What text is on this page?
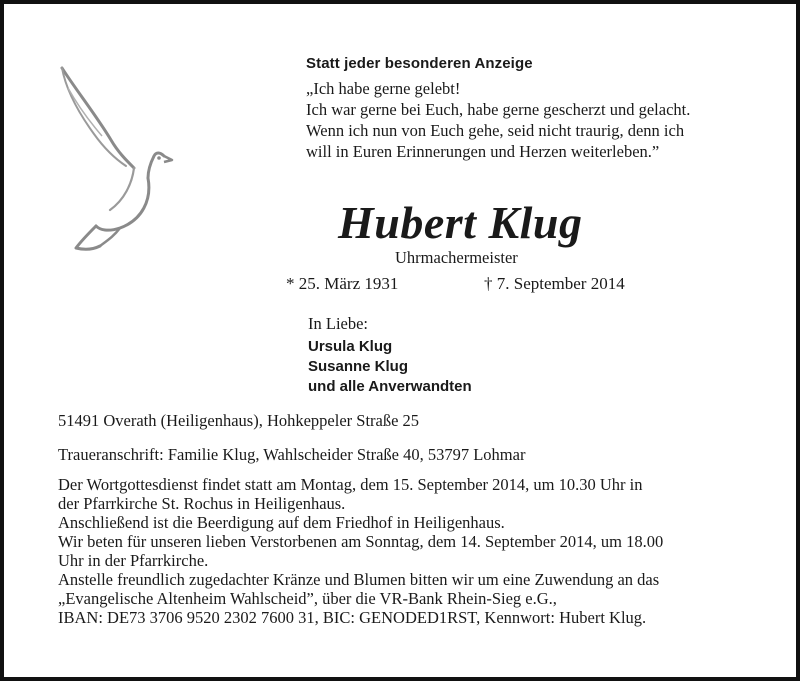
Statt jeder besonderen Anzeige
„Ich habe gerne gelebt!
Ich war gerne bei Euch, habe gerne gescherzt und gelacht.
Wenn ich nun von Euch gehe, seid nicht traurig, denn ich
will in Euren Erinnerungen und Herzen weiterleben.”
Hubert Klug
Uhrmachermeister
* 25. März 1931	† 7. September 2014
In Liebe:
Ursula Klug
Susanne Klug
und alle Anverwandten
51491 Overath (Heiligenhaus), Hohkeppeler Straße 25
Traueranschrift: Familie Klug, Wahlscheider Straße 40, 53797 Lohmar
Der Wortgottesdienst findet statt am Montag, dem 15. September 2014, um 10.30 Uhr in
der Pfarrkirche St. Rochus in Heiligenhaus.
Anschließend ist die Beerdigung auf dem Friedhof in Heiligenhaus.
Wir beten für unseren lieben Verstorbenen am Sonntag, dem 14. September 2014, um 18.00
Uhr in der Pfarrkirche.
Anstelle freundlich zugedachter Kränze und Blumen bitten wir um eine Zuwendung an das
„Evangelische Altenheim Wahlscheid”, über die VR-Bank Rhein-Sieg e.G.,
IBAN: DE73 3706 9520 2302 7600 31, BIC: GENODED1RST, Kennwort: Hubert Klug.
